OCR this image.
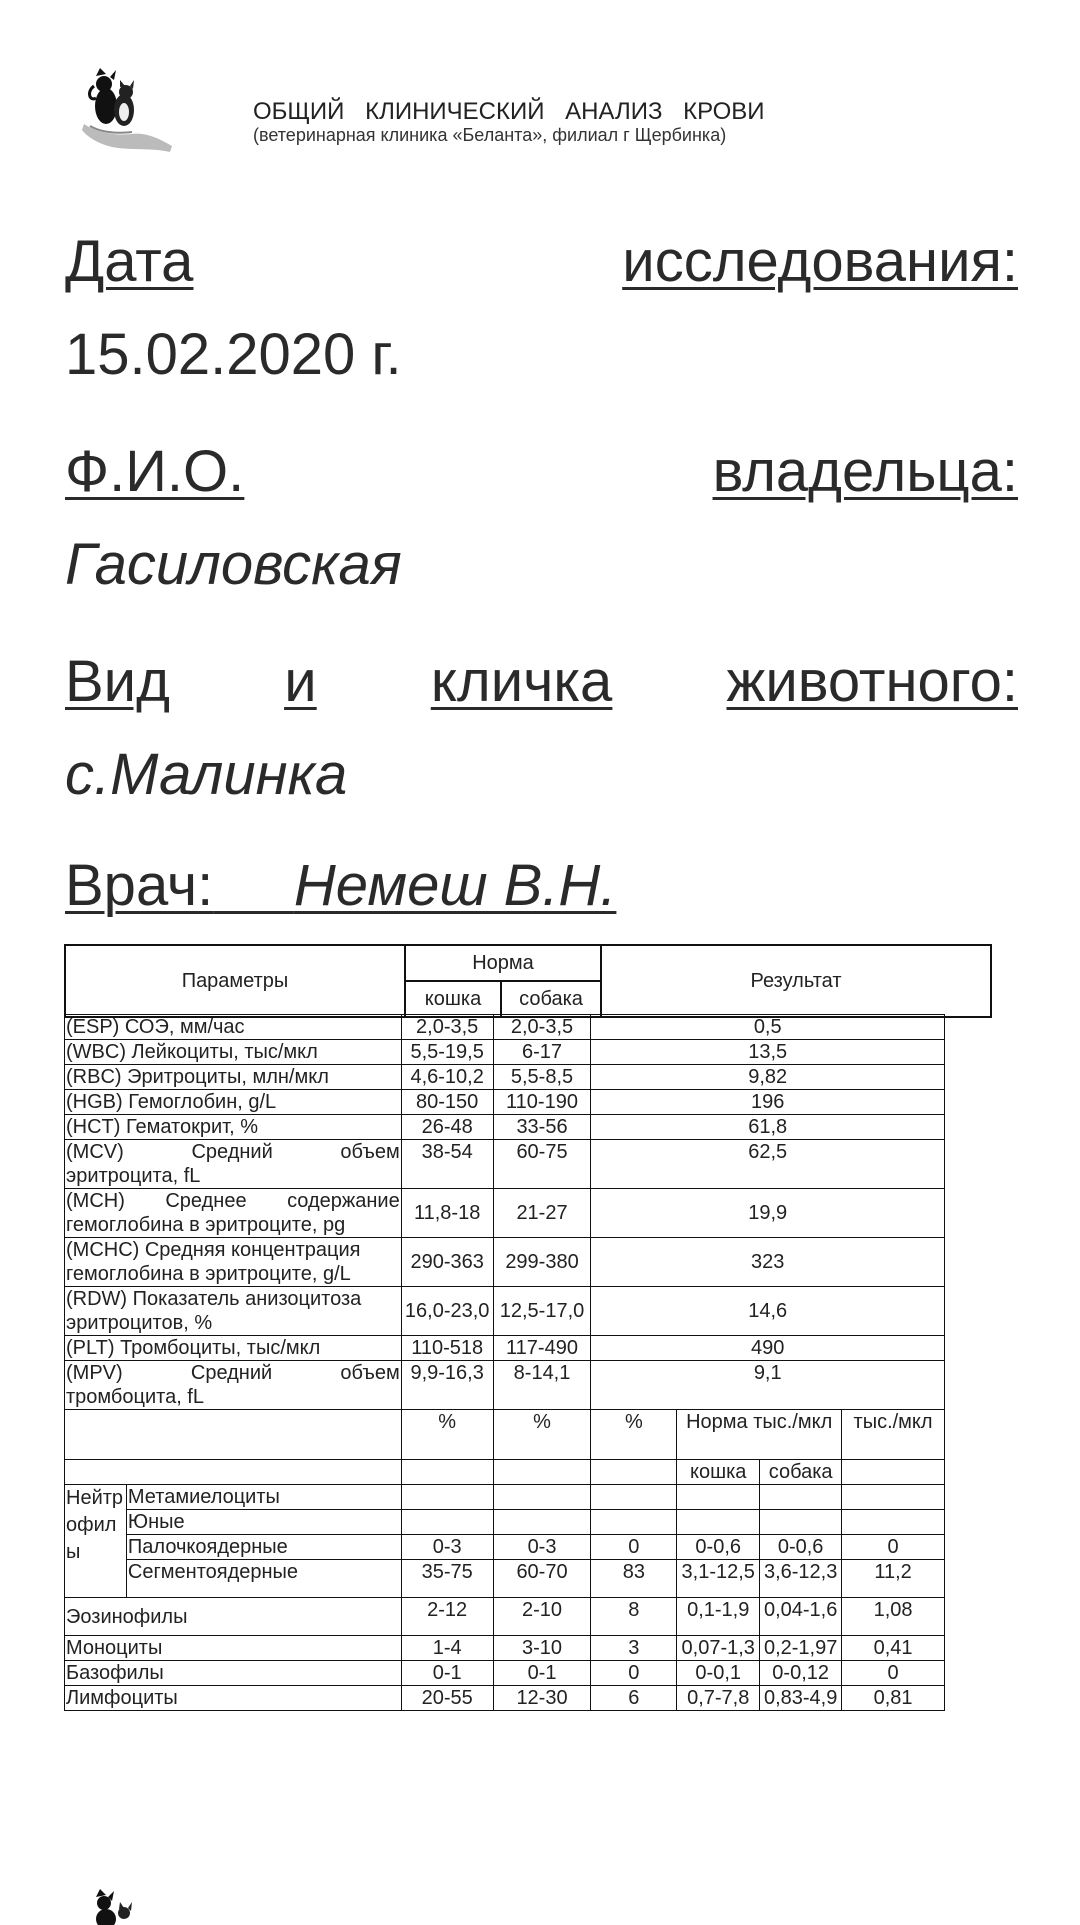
ОБЩИЙ КЛИНИЧЕСКИЙ АНАЛИЗ КРОВИ
(ветеринарная клиника «Беланта», филиал г Щербинка)
Дата	исследования:
15.02.2020 г.
Ф.И.О.	владельца:
Гасиловская
Вид и кличка животного:
с.Малинка
Врач: Немеш В.Н.
Параметры	Норма		Результат
	кошка	собака	
(ESP) СОЭ, мм/час		2,0-3,5	2,0-3,5	0,5			
(WBC) Лейкоциты, тыс/мкл		5,5-19,5	6-17	13,5			
(RBC) Эритроциты, млн/мкл		4,6-10,2	5,5-8,5	9,82			
(HGB) Гемоглобин, g/L		80-150	110-190	196			
(HCT) Гематокрит, %		26-48	33-56	61,8			

(MCV) Средний объем
эритроцита, fL		38-54	60-75	62,5			

(MCH) Среднее содержание
гемоглобина в эритроците, pg		11,8-18	21-27	19,9			

(MCHC) Средняя концентрация
гемоглобина в эритроците, g/L		290-363	299-380	323			

(RDW) Показатель анизоцитоза
эритроцитов, %		16,0-23,0	12,5-17,0	14,6			
(PLT) Тромбоциты, тыс/мкл		110-518	117-490	490			

(MPV) Средний объем
тромбоцита, fL		9,9-16,3	8-14,1	9,1			
		%	%	%	Норма тыс./мкл		тыс./мкл
					кошка	собака	
Нейтрофилы	Метамиелоциты						
	Юные						
	Палочкоядерные	0-3	0-3	0	0-0,6	0-0,6	0
	Сегментоядерные	35-75	60-70	83	3,1-12,5	3,6-12,3	11,2
Эозинофилы		2-12	2-10	8	0,1-1,9	0,04-1,6	1,08
Моноциты		1-4	3-10	3	0,07-1,3	0,2-1,97	0,41
Базофилы		0-1	0-1	0	0-0,1	0-0,12	0
Лимфоциты		20-55	12-30	6	0,7-7,8	0,83-4,9	0,81
